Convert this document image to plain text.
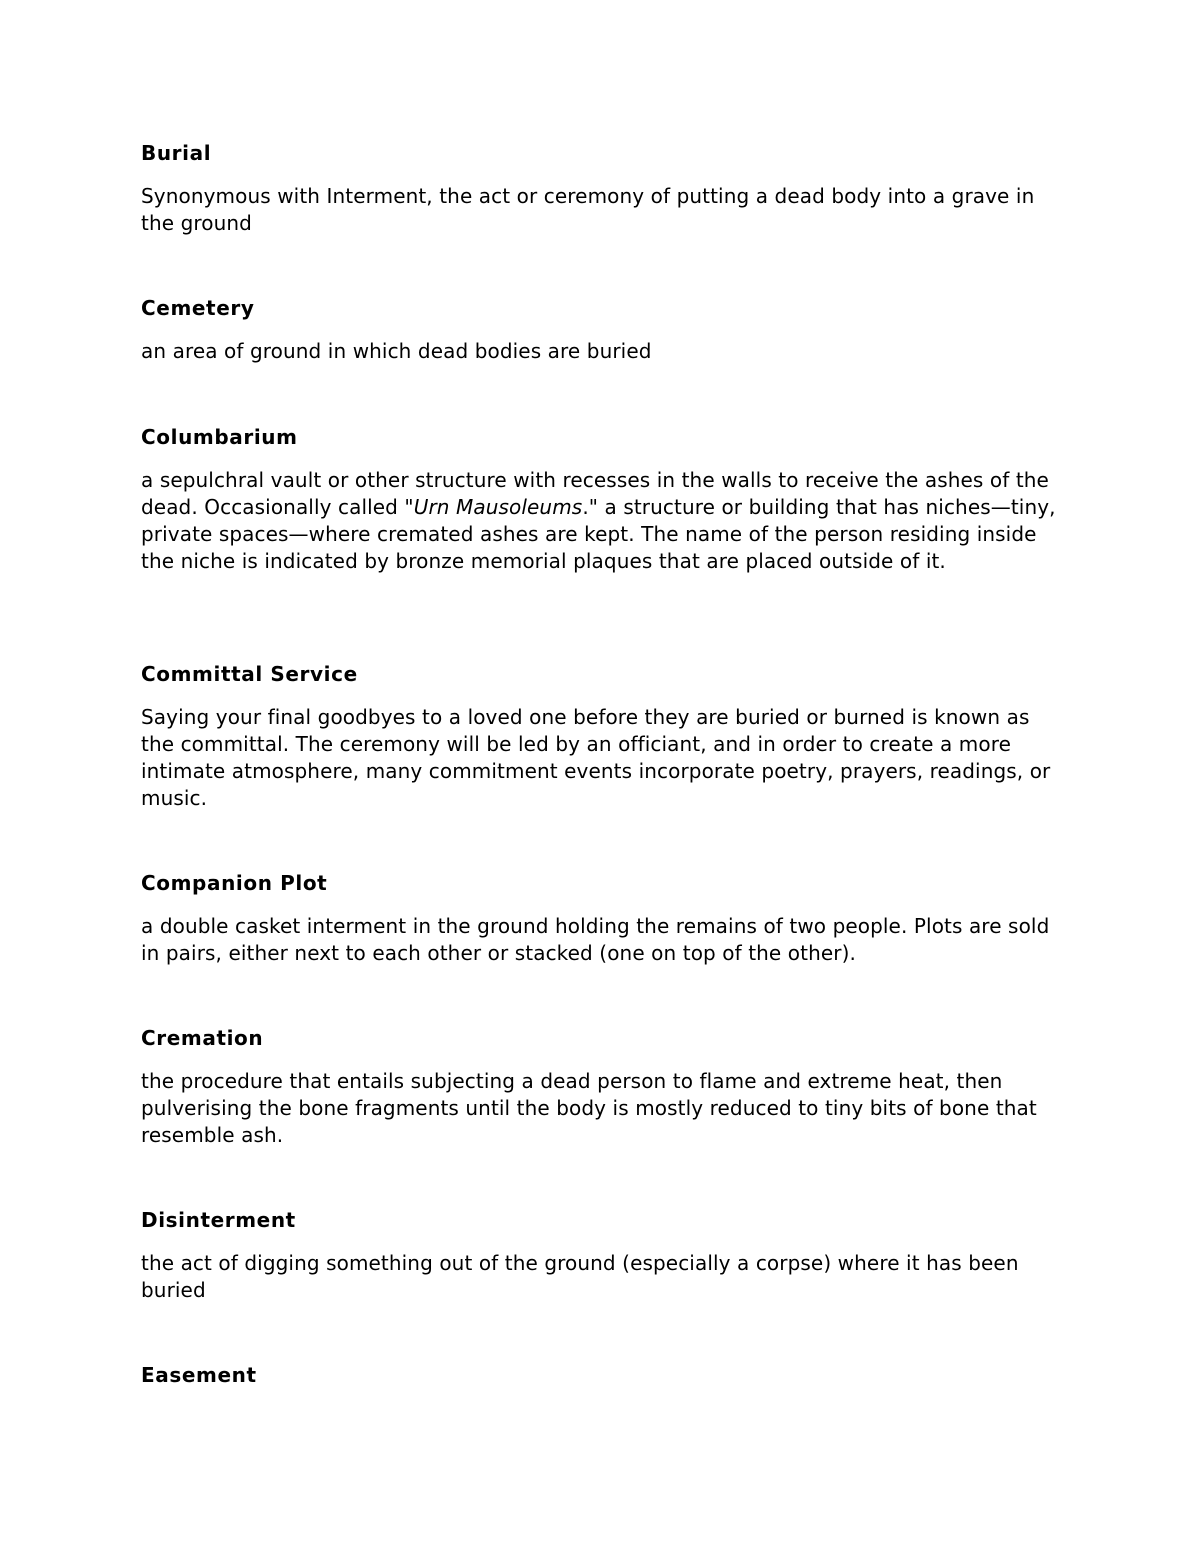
Burial

Synonymous with Interment, the act or ceremony of putting a dead body into a grave in the ground

Cemetery

an area of ground in which dead bodies are buried

Columbarium

a sepulchral vault or other structure with recesses in the walls to receive the ashes of the dead. Occasionally called "Urn Mausoleums." a structure or building that has niches—tiny, private spaces—where cremated ashes are kept. The name of the person residing inside the niche is indicated by bronze memorial plaques that are placed outside of it.

Committal Service

Saying your final goodbyes to a loved one before they are buried or burned is known as the committal. The ceremony will be led by an officiant, and in order to create a more intimate atmosphere, many commitment events incorporate poetry, prayers, readings, or music.

Companion Plot

a double casket interment in the ground holding the remains of two people. Plots are sold in pairs, either next to each other or stacked (one on top of the other).

Cremation

the procedure that entails subjecting a dead person to flame and extreme heat, then pulverising the bone fragments until the body is mostly reduced to tiny bits of bone that resemble ash.

Disinterment

the act of digging something out of the ground (especially a corpse) where it has been buried

Easement
